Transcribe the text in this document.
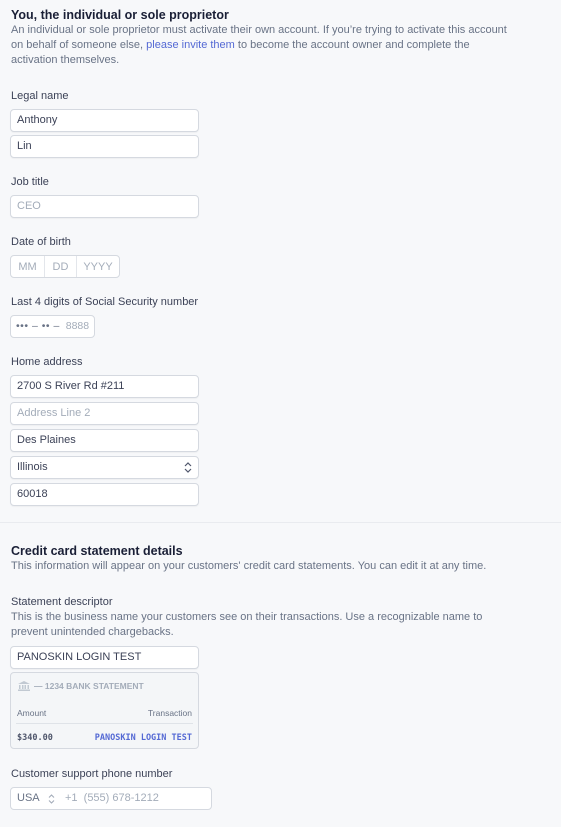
You, the individual or sole proprietor
An individual or sole proprietor must activate their own account. If you’re trying to activate this account on behalf of someone else, please invite them to become the account owner and complete the activation themselves.
Legal name
Anthony
Lin
Job title
CEO
Date of birth
MM	DD	YYYY
Last 4 digits of Social Security number
••• – •• – 8888
Home address
2700 S River Rd #211
Address Line 2
Des Plaines
Illinois
60018
Credit card statement details
This information will appear on your customers' credit card statements. You can edit it at any time.
Statement descriptor
This is the business name your customers see on their transactions. Use a recognizable name to prevent unintended chargebacks.
PANOSKIN LOGIN TEST
— 1234 BANK STATEMENT
Amount	Transaction
$340.00	PANOSKIN LOGIN TEST
Customer support phone number
USA	+1  (555) 678-1212
